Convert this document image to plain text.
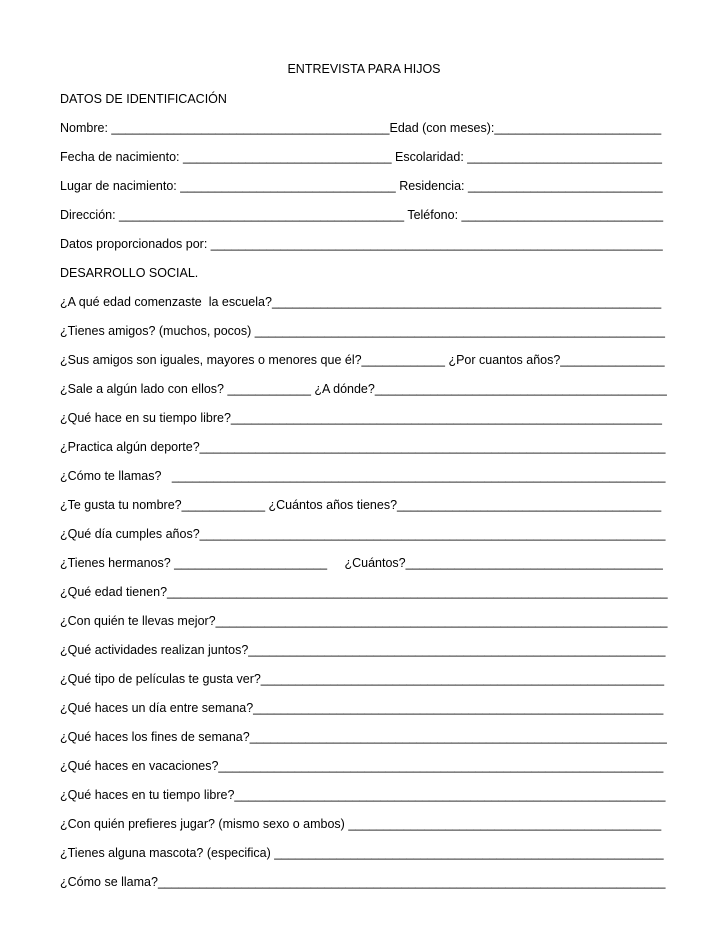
ENTREVISTA PARA HIJOS
DATOS DE IDENTIFICACIÓN
Nombre: ________________________________________Edad (con meses):________________________
Fecha de nacimiento: ______________________________ Escolaridad: ____________________________
Lugar de nacimiento: _______________________________ Residencia: ____________________________
Dirección: _________________________________________ Teléfono: _____________________________
Datos proporcionados por: _________________________________________________________________
DESARROLLO SOCIAL.
¿A qué edad comenzaste  la escuela?________________________________________________________
¿Tienes amigos? (muchos, pocos) ___________________________________________________________
¿Sus amigos son iguales, mayores o menores que él?____________ ¿Por cuantos años?_______________
¿Sale a algún lado con ellos? ____________ ¿A dónde?__________________________________________
¿Qué hace en su tiempo libre?______________________________________________________________
¿Practica algún deporte?___________________________________________________________________
¿Cómo te llamas?   _______________________________________________________________________
¿Te gusta tu nombre?____________ ¿Cuántos años tienes?______________________________________
¿Qué día cumples años?___________________________________________________________________
¿Tienes hermanos? ______________________     ¿Cuántos?_____________________________________
¿Qué edad tienen?________________________________________________________________________
¿Con quién te llevas mejor?_________________________________________________________________
¿Qué actividades realizan juntos?____________________________________________________________
¿Qué tipo de películas te gusta ver?__________________________________________________________
¿Qué haces un día entre semana?___________________________________________________________
¿Qué haces los fines de semana?____________________________________________________________
¿Qué haces en vacaciones?________________________________________________________________
¿Qué haces en tu tiempo libre?______________________________________________________________
¿Con quién prefieres jugar? (mismo sexo o ambos) _____________________________________________
¿Tienes alguna mascota? (especifica) ________________________________________________________
¿Cómo se llama?_________________________________________________________________________
